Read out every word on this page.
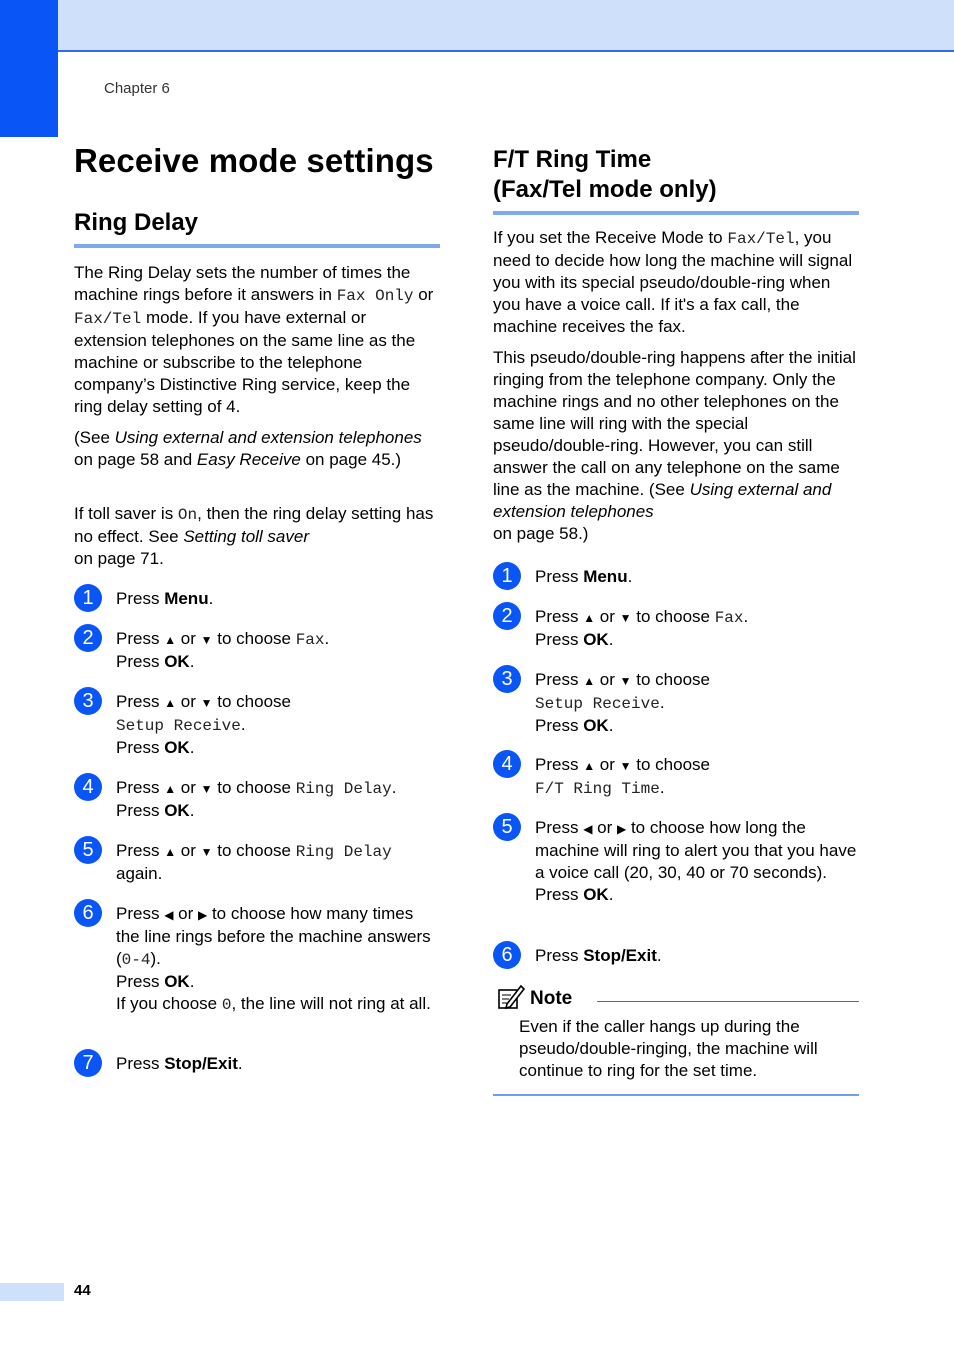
Chapter 6
Receive mode settings
Ring Delay

The Ring Delay sets the number of times the machine rings before it answers in Fax Only or Fax/Tel mode. If you have external or extension telephones on the same line as the machine or subscribe to the telephone company’s Distinctive Ring service, keep the ring delay setting of 4.

(See Using external and extension telephones on page 58 and Easy Receive on page 45.)

If toll saver is On, then the ring delay setting has no effect. See Setting toll saver
on page 71.

1	Press Menu.
2	Press ▲ or ▼ to choose Fax.
Press OK.
3	Press ▲ or ▼ to choose
Setup Receive.
Press OK.
4	Press ▲ or ▼ to choose Ring Delay.
Press OK.
5	Press ▲ or ▼ to choose Ring Delay
again.
6	Press ◀ or ▶ to choose how many times the line rings before the machine answers (0-4).
Press OK.
If you choose 0, the line will not ring at all.
7	Press Stop/Exit.
F/T Ring Time
(Fax/Tel mode only)

If you set the Receive Mode to Fax/Tel, you need to decide how long the machine will signal you with its special pseudo/double-ring when you have a voice call. If it's a fax call, the machine receives the fax.

This pseudo/double-ring happens after the initial ringing from the telephone company. Only the machine rings and no other telephones on the same line will ring with the special pseudo/double-ring. However, you can still answer the call on any telephone on the same line as the machine. (See Using external and extension telephones
on page 58.)

1	Press Menu.
2	Press ▲ or ▼ to choose Fax.
Press OK.
3	Press ▲ or ▼ to choose
Setup Receive.
Press OK.
4	Press ▲ or ▼ to choose
F/T Ring Time.
5	Press ◀ or ▶ to choose how long the machine will ring to alert you that you have a voice call (20, 30, 40 or 70 seconds).
Press OK.
6	Press Stop/Exit.
Note
Even if the caller hangs up during the pseudo/double-ringing, the machine will continue to ring for the set time.
44
